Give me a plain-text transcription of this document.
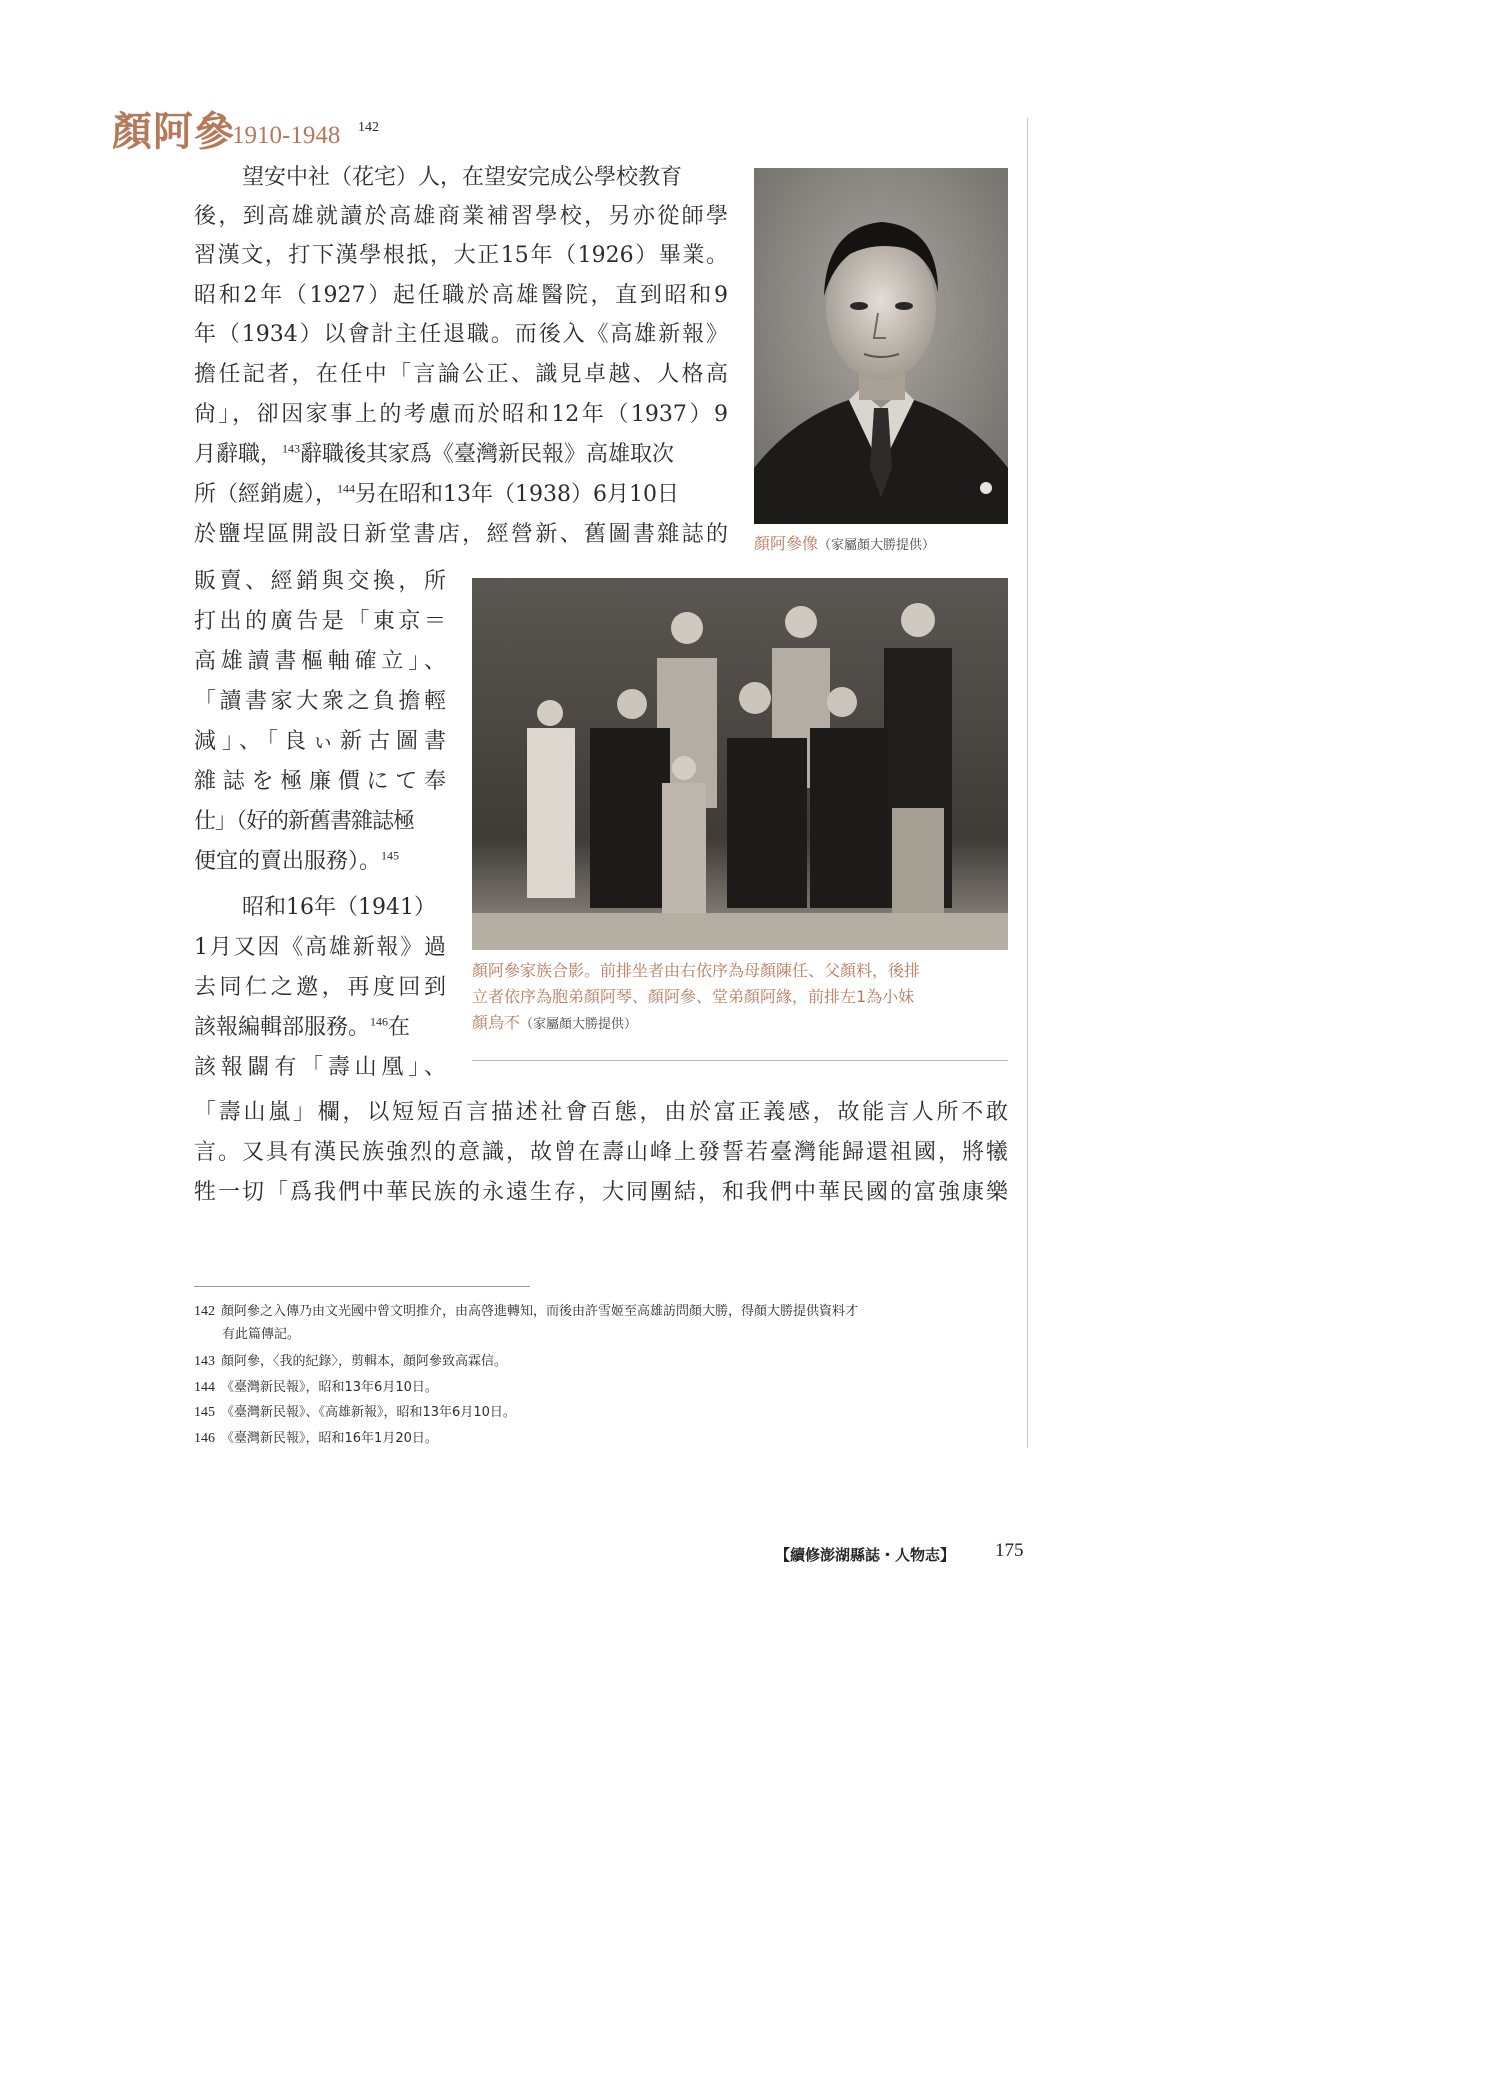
顏阿參
1910-1948 142
望安中社（花宅）人，在望安完成公學校教育
後，到高雄就讀於高雄商業補習學校，另亦從師學
習漢文，打下漢學根抵，大正15年（1926）畢業。
昭和2年（1927）起任職於高雄醫院，直到昭和9
年（1934）以會計主任退職。而後入《高雄新報》
擔任記者，在任中「言論公正、識見卓越、人格高
尙」，卻因家事上的考慮而於昭和12年（1937）9
月辭職，$^{143}$辭職後其家爲《臺灣新民報》高雄取次
所（經銷處），$^{144}$另在昭和13年（1938）6月10日
於鹽埕區開設日新堂書店，經營新、舊圖書雜誌的
販賣、經銷與交換，所
打出的廣告是「東京＝
高雄讀書樞軸確立」、
「讀書家大衆之負擔輕
減」、「良ぃ新古圖書
雜誌を極廉價にて奉
仕」（好的新舊書雜誌極
便宜的賣出服務）。$^{145}$
昭和16年（1941）
1月又因《高雄新報》過
去同仁之邀，再度回到
該報編輯部服務。$^{146}$在
該報闢有「壽山凰」、
「壽山嵐」欄，以短短百言描述社會百態，由於富正義感，故能言人所不敢
言。又具有漢民族強烈的意識，故曾在壽山峰上發誓若臺灣能歸還祖國，將犧
牲一切「爲我們中華民族的永遠生存，大同團結，和我們中華民國的富強康樂
顏阿參像（家屬顏大勝提供）
顏阿參家族合影。前排坐者由右依序為母顏陳任、父顏料，後排
立者依序為胞弟顏阿琴、顏阿參、堂弟顏阿緣，前排左1為小妹
顏烏不（家屬顏大勝提供）
142 顏阿參之入傳乃由文光國中曾文明推介，由高啓進轉知，而後由許雪姬至高雄訪問顏大勝，得顏大勝提供資料才
有此篇傳記。
143 顏阿參，〈我的紀錄〉，剪輯本，顏阿參致高霖信。
144 《臺灣新民報》，昭和13年6月10日。
145 《臺灣新民報》、《高雄新報》，昭和13年6月10日。
146 《臺灣新民報》，昭和16年1月20日。
【續修澎湖縣誌・人物志】 175
